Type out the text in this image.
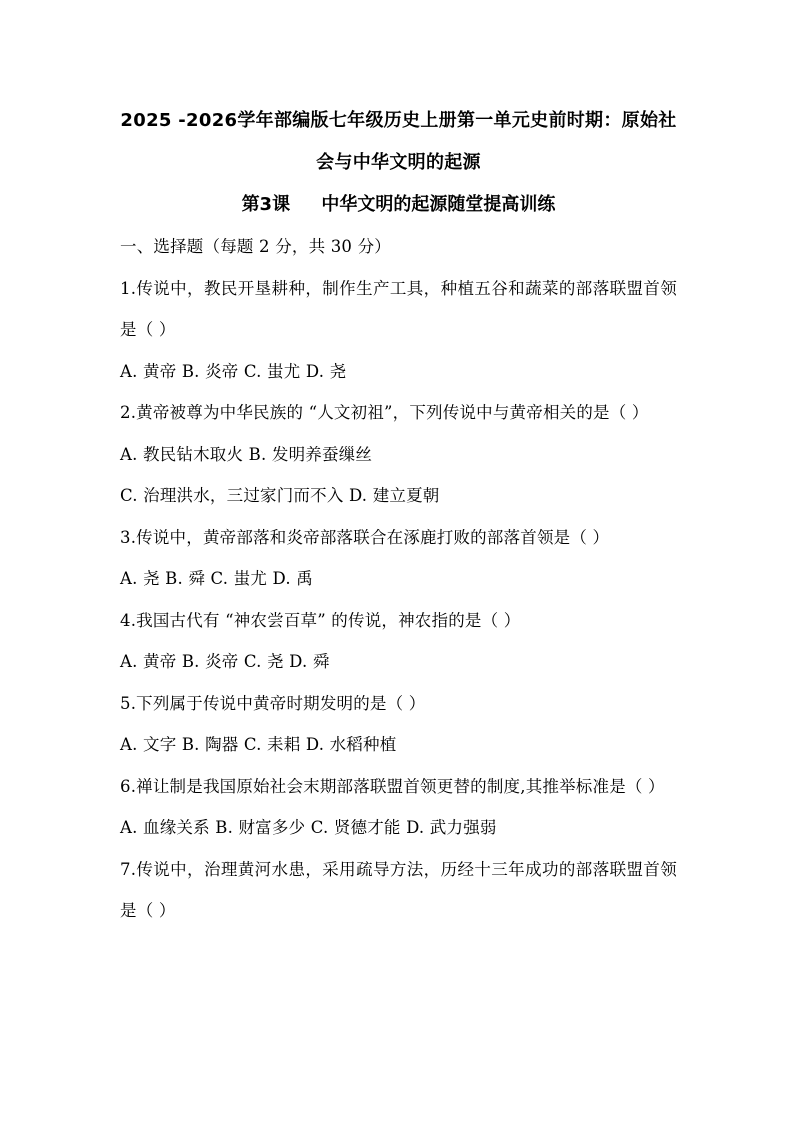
2025 -2026学年部编版七年级历史上册第一单元史前时期：原始社会与中华文明的起源

第3课     中华文明的起源随堂提高训练

一、选择题（每题 2 分，共 30 分）

1.传说中，教民开垦耕种，制作生产工具，种植五谷和蔬菜的部落联盟首领是（ ）

A. 黄帝 B. 炎帝 C. 蚩尤 D. 尧

2.黄帝被尊为中华民族的 “人文初祖”，下列传说中与黄帝相关的是（ ）

A. 教民钻木取火 B. 发明养蚕缫丝

C. 治理洪水，三过家门而不入 D. 建立夏朝

3.传说中，黄帝部落和炎帝部落联合在涿鹿打败的部落首领是（ ）

A. 尧 B. 舜 C. 蚩尤 D. 禹

4.我国古代有 “神农尝百草” 的传说，神农指的是（ ）

A. 黄帝 B. 炎帝 C. 尧 D. 舜

5.下列属于传说中黄帝时期发明的是（ ）

A. 文字 B. 陶器 C. 耒耜 D. 水稻种植

6.禅让制是我国原始社会末期部落联盟首领更替的制度,其推举标准是（ ）

A. 血缘关系 B. 财富多少 C. 贤德才能 D. 武力强弱

7.传说中，治理黄河水患，采用疏导方法，历经十三年成功的部落联盟首领是（ ）
